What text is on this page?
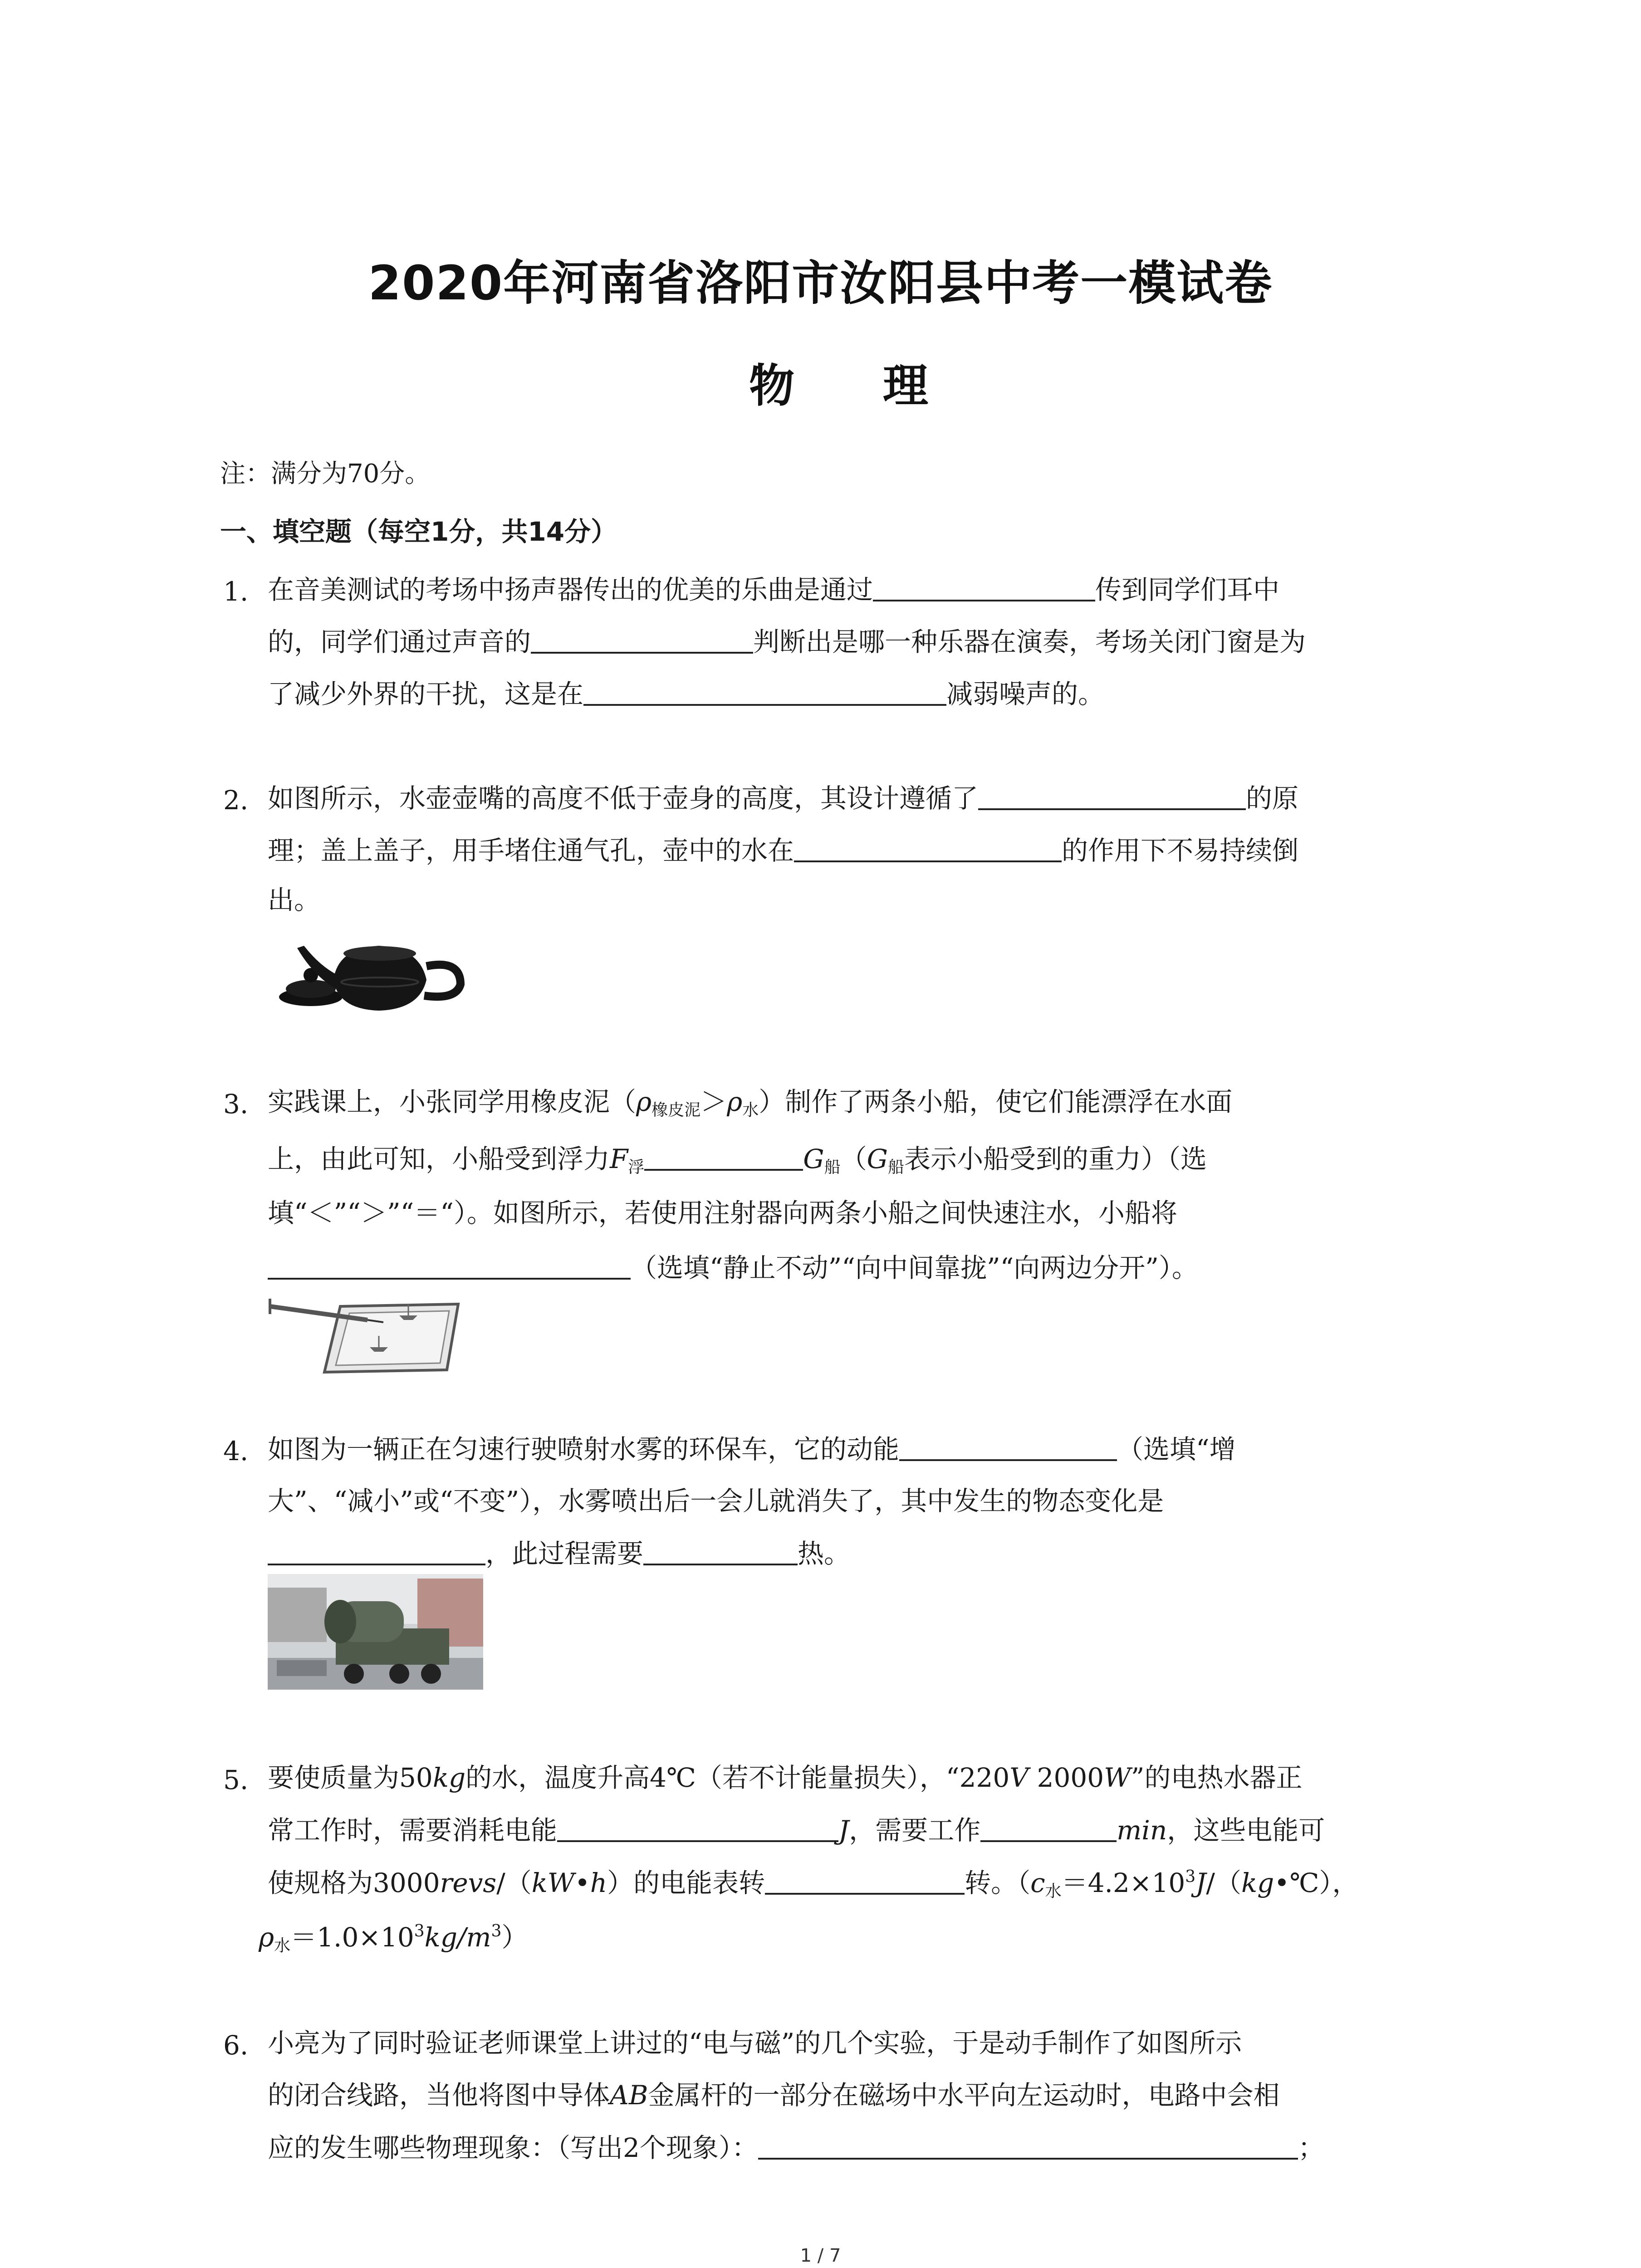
2020年河南省洛阳市汝阳县中考一模试卷
物 理
注：满分为70分。
一、填空题（每空1分，共14分）
1. 在音美测试的考场中扬声器传出的优美的乐曲是通过	传到同学们耳中
的，同学们通过声音的	判断出是哪一种乐器在演奏，考场关闭门窗是为
了减少外界的干扰，这是在	减弱噪声的。
2. 如图所示，水壶壶嘴的高度不低于壶身的高度，其设计遵循了	的原
理；盖上盖子，用手堵住通气孔，壶中的水在	的作用下不易持续倒
出。
3. 实践课上，小张同学用橡皮泥$(\rho_{橡皮泥}>\rho_水)$制作了两条小船，使它们能漂浮在水面
上，由此可知，小船受到浮力$F_浮$	$G_船(G_船$表示小船受到的重力）（选
填“＜”“＞”“＝“）。如图所示，若使用注射器向两条小船之间快速注水，小船将
（选填“静止不动”“向中间靠拢”“向两边分开”）。
4. 如图为一辆正在匀速行驶喷射水雾的环保车，它的动能	（选填“增
大”、“减小”或“不变”），水雾喷出后一会儿就消失了，其中发生的物态变化是
，此过程需要	热。
5. 要使质量为50kg的水，温度升高4℃（若不计能量损失），“220V 2000W”的电热水器正
常工作时，需要消耗电能	J，需要工作	min，这些电能可
使规格为3000revs/（kW•h）的电能表转	转。（$c_水=4.2\times 10^3J/(kg•℃)$，
$\rho_水=1.0\times 10^3kg/m^3$）
6. 小亮为了同时验证老师课堂上讲过的“电与磁”的几个实验，于是动手制作了如图所示
的闭合线路，当他将图中导体AB金属杆的一部分在磁场中水平向左运动时，电路中会相
应的发生哪些物理现象：（写出2个现象）：	；
1 / 7
